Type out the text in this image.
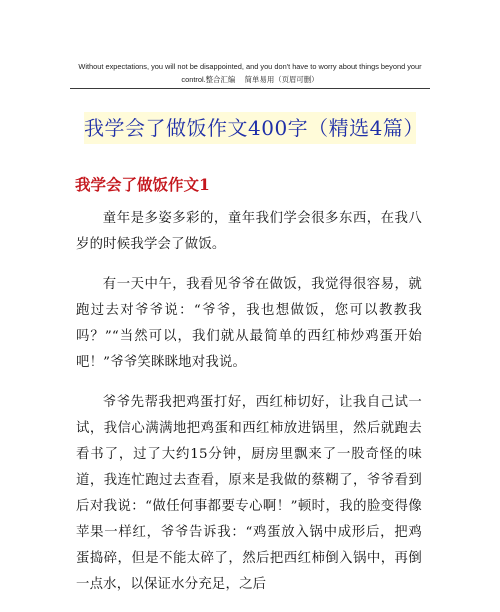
Without expectations, you will not be disappointed, and you don't have to worry about things beyond your control.整合汇编　 简单易用（页眉可删）
我学会了做饭作文400字（精选4篇）
我学会了做饭作文1

童年是多姿多彩的，童年我们学会很多东西，在我八岁的时候我学会了做饭。

有一天中午，我看见爷爷在做饭，我觉得很容易，就跑过去对爷爷说：“爷爷，我也想做饭，您可以教教我吗？”“当然可以，我们就从最简单的西红柿炒鸡蛋开始吧！”爷爷笑眯眯地对我说。

爷爷先帮我把鸡蛋打好，西红柿切好，让我自己试一试，我信心满满地把鸡蛋和西红柿放进锅里，然后就跑去看书了，过了大约15分钟，厨房里飘来了一股奇怪的味道，我连忙跑过去查看，原来是我做的蔡糊了，爷爷看到后对我说：“做任何事都要专心啊！”顿时，我的脸变得像苹果一样红，爷爷告诉我：“鸡蛋放入锅中成形后，把鸡蛋捣碎，但是不能太碎了，然后把西红柿倒入锅中，再倒一点水，以保证水分充足，之后
